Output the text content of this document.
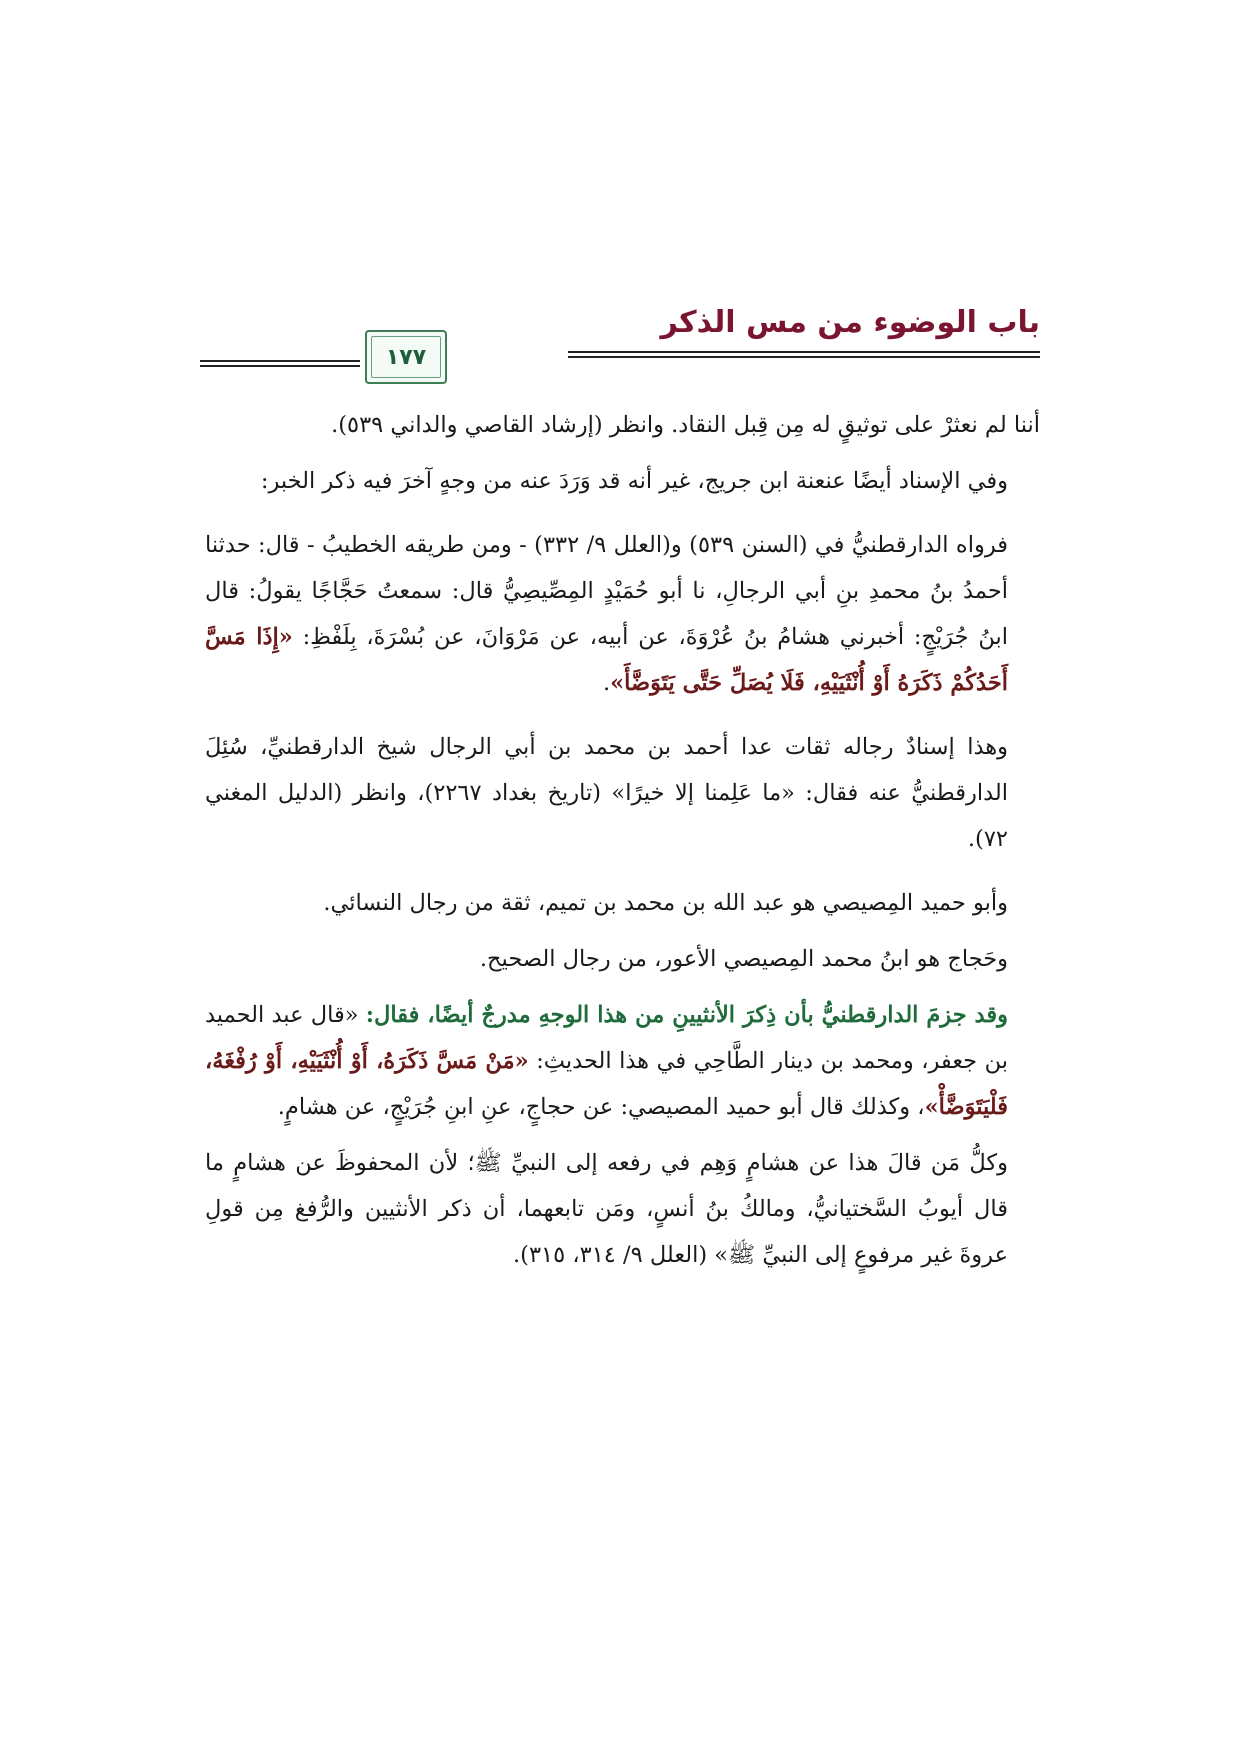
باب الوضوء من مس الذكر
١٧٧

أننا لم نعثرْ على توثيقٍ له مِن قِبل النقاد. وانظر (إرشاد القاصي والداني ٥٣٩).

وفي الإسناد أيضًا عنعنة ابن جريج، غير أنه قد وَرَدَ عنه من وجهٍ آخرَ فيه ذكر الخبر:

فرواه الدارقطنيُّ في (السنن ٥٣٩) و(العلل ٩/ ٣٣٢) - ومن طريقه الخطيبُ - قال: حدثنا أحمدُ بنُ محمدِ بنِ أبي الرجالِ، نا أبو حُمَيْدٍ المِصِّيصِيُّ قال: سمعتُ حَجَّاجًا يقولُ: قال ابنُ جُرَيْجٍ: أخبرني هشامُ بنُ عُرْوَةَ، عن أبيه، عن مَرْوَانَ، عن بُسْرَةَ، بِلَفْظِ: «إِذَا مَسَّ أَحَدُكُمْ ذَكَرَهُ أَوْ أُنْثَيَيْهِ، فَلَا يُصَلِّ حَتَّى يَتَوَضَّأَ».

وهذا إسنادٌ رجاله ثقات عدا أحمد بن محمد بن أبي الرجال شيخ الدارقطنيِّ، سُئِلَ الدارقطنيُّ عنه فقال: «ما عَلِمنا إلا خيرًا» (تاريخ بغداد ٢٢٦٧)، وانظر (الدليل المغني ٧٢).

وأبو حميد المِصيصي هو عبد الله بن محمد بن تميم، ثقة من رجال النسائي.

وحَجاج هو ابنُ محمد المِصيصي الأعور، من رجال الصحيح.

وقد جزمَ الدارقطنيُّ بأن ذِكرَ الأنثيينِ من هذا الوجهِ مدرجٌ أيضًا، فقال: «قال عبد الحميد بن جعفر، ومحمد بن دينار الطَّاحِي في هذا الحديثِ: «مَنْ مَسَّ ذَكَرَهُ، أَوْ أُنْثَيَيْهِ، أَوْ رُفْغَهُ، فَلْيَتَوَضَّأْ»، وكذلك قال أبو حميد المصيصي: عن حجاجٍ، عنِ ابنِ جُرَيْجٍ، عن هشامٍ.

وكلُّ مَن قالَ هذا عن هشامٍ وَهِم في رفعه إلى النبيِّ ﷺ؛ لأن المحفوظَ عن هشامٍ ما قال أيوبُ السَّختيانيُّ، ومالكُ بنُ أنسٍ، ومَن تابعهما، أن ذكر الأنثيين والرُّفغ مِن قولِ عروةَ غير مرفوعٍ إلى النبيِّ ﷺ» (العلل ٩/ ٣١٤، ٣١٥).
